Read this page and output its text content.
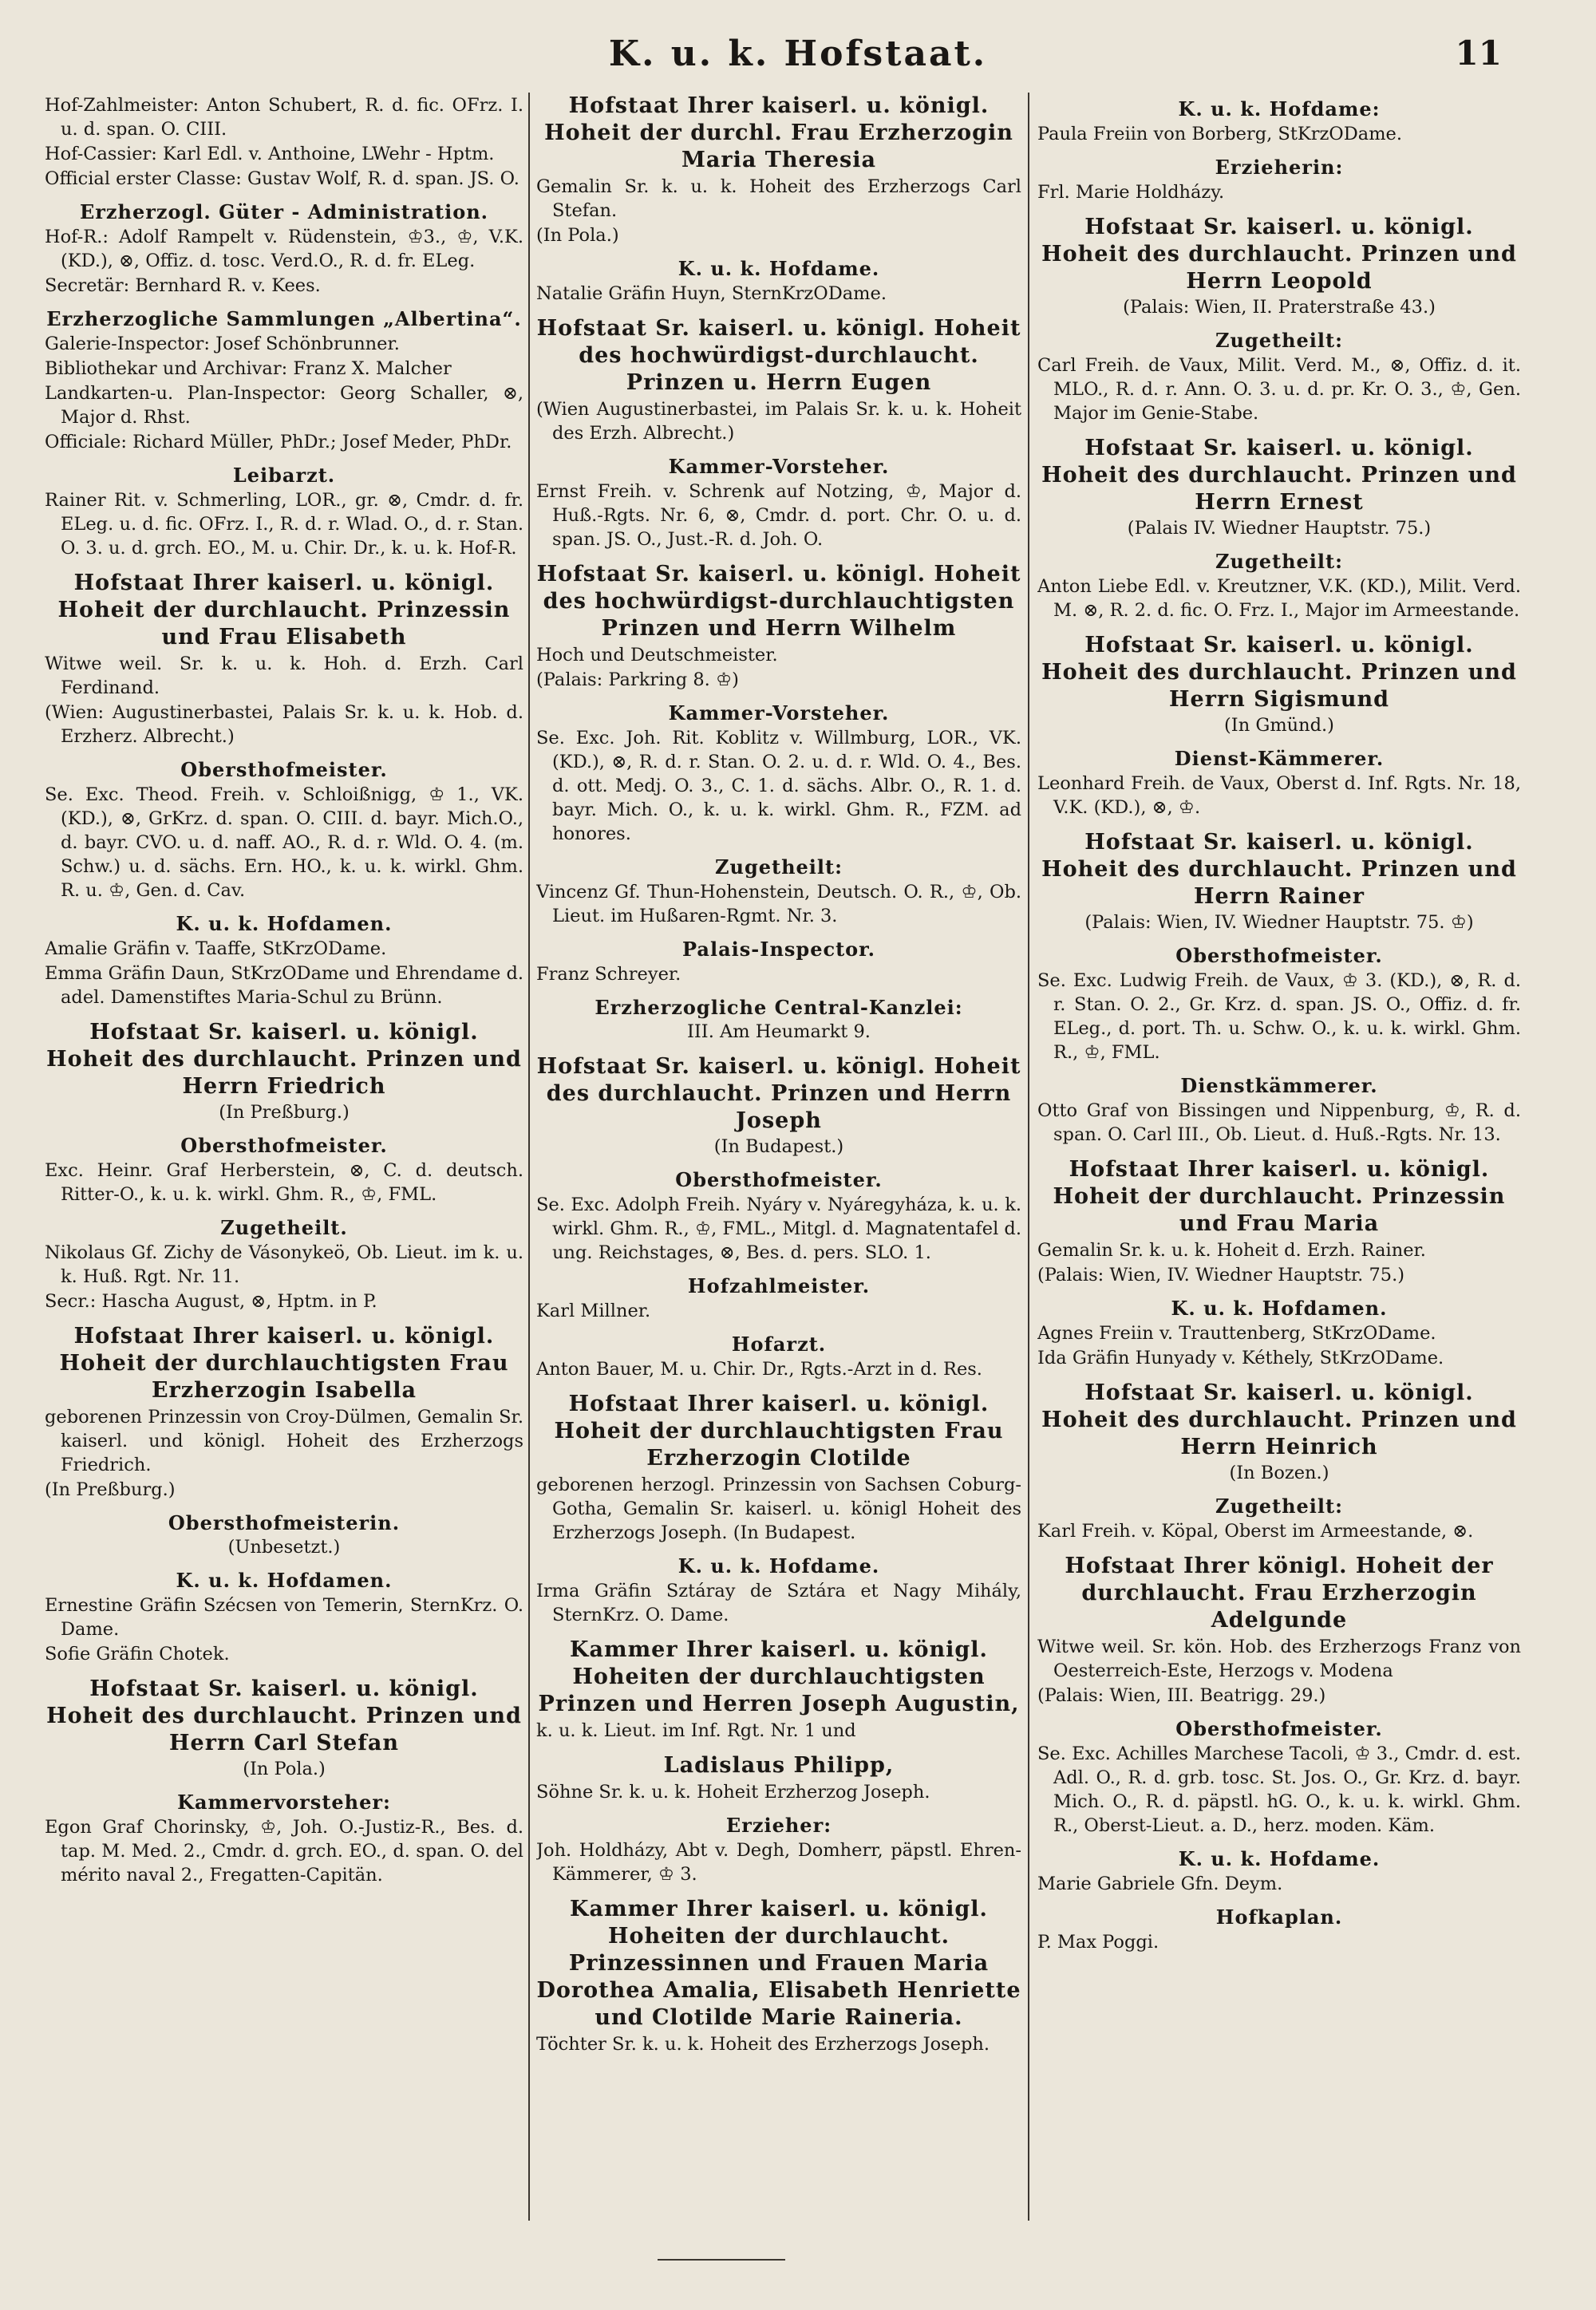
K. u. k. Hofstaat.	11
Hof-Zahlmeister: Anton Schubert, R. d. fic. OFrz. I. u. d. span. O. CIII.
Hof-Cassier: Karl Edl. v. Anthoine, LWehr - Hptm.
Official erster Classe: Gustav Wolf, R. d. span. JS. O.
Erzherzogl. Güter - Administration.
Hof-R.: Adolf Rampelt v. Rüdenstein, ♔3., ♔, V.K. (KD.), ⊗, Offiz. d. tosc. Verd.O., R. d. fr. ELeg.
Secretär: Bernhard R. v. Kees.
Erzherzogliche Sammlungen „Albertina“.
Galerie-Inspector: Josef Schönbrunner.
Bibliothekar und Archivar: Franz X. Malcher
Landkarten-u. Plan-Inspector: Georg Schaller, ⊗, Major d. Rhst.
Officiale: Richard Müller, PhDr.; Josef Meder, PhDr.
Leibarzt.
Rainer Rit. v. Schmerling, LOR., gr. ⊗, Cmdr. d. fr. ELeg. u. d. fic. OFrz. I., R. d. r. Wlad. O., d. r. Stan. O. 3. u. d. grch. EO., M. u. Chir. Dr., k. u. k. Hof-R.
Hofstaat Ihrer kaiserl. u. königl. Hoheit der durchlaucht. Prinzessin und Frau Elisabeth
Witwe weil. Sr. k. u. k. Hoh. d. Erzh. Carl Ferdinand.
(Wien: Augustinerbastei, Palais Sr. k. u. k. Hob. d. Erzherz. Albrecht.)
Obersthofmeister.
Se. Exc. Theod. Freih. v. Schloißnigg, ♔ 1., VK. (KD.), ⊗, GrKrz. d. span. O. CIII. d. bayr. Mich.O., d. bayr. CVO. u. d. naff. AO., R. d. r. Wld. O. 4. (m. Schw.) u. d. sächs. Ern. HO., k. u. k. wirkl. Ghm. R. u. ♔, Gen. d. Cav.
K. u. k. Hofdamen.
Amalie Gräfin v. Taaffe, StKrzODame.
Emma Gräfin Daun, StKrzODame und Ehrendame d. adel. Damenstiftes Maria-Schul zu Brünn.
Hofstaat Sr. kaiserl. u. königl. Hoheit des durchlaucht. Prinzen und Herrn Friedrich
(In Preßburg.)
Obersthofmeister.
Exc. Heinr. Graf Herberstein, ⊗, C. d. deutsch. Ritter-O., k. u. k. wirkl. Ghm. R., ♔, FML.
Zugetheilt.
Nikolaus Gf. Zichy de Vásonykeö, Ob. Lieut. im k. u. k. Huß. Rgt. Nr. 11.
Secr.: Hascha August, ⊗, Hptm. in P.
Hofstaat Ihrer kaiserl. u. königl. Hoheit der durchlauchtigsten Frau Erzherzogin Isabella
geborenen Prinzessin von Croy-Dülmen, Gemalin Sr. kaiserl. und königl. Hoheit des Erzherzogs Friedrich.
(In Preßburg.)
Obersthofmeisterin.
(Unbesetzt.)
K. u. k. Hofdamen.
Ernestine Gräfin Szécsen von Temerin, SternKrz. O. Dame.
Sofie Gräfin Chotek.
Hofstaat Sr. kaiserl. u. königl. Hoheit des durchlaucht. Prinzen und Herrn Carl Stefan
(In Pola.)
Kammervorsteher:
Egon Graf Chorinsky, ♔, Joh. O.-Justiz-R., Bes. d. tap. M. Med. 2., Cmdr. d. grch. EO., d. span. O. del mérito naval 2., Fregatten-Capitän.
Hofstaat Ihrer kaiserl. u. königl. Hoheit der durchl. Frau Erzherzogin Maria Theresia
Gemalin Sr. k. u. k. Hoheit des Erzherzogs Carl Stefan.
(In Pola.)
K. u. k. Hofdame.
Natalie Gräfin Huyn, SternKrzODame.
Hofstaat Sr. kaiserl. u. königl. Hoheit des hochwürdigst-durchlaucht. Prinzen u. Herrn Eugen
(Wien Augustinerbastei, im Palais Sr. k. u. k. Hoheit des Erzh. Albrecht.)
Kammer-Vorsteher.
Ernst Freih. v. Schrenk auf Notzing, ♔, Major d. Huß.-Rgts. Nr. 6, ⊗, Cmdr. d. port. Chr. O. u. d. span. JS. O., Just.-R. d. Joh. O.
Hofstaat Sr. kaiserl. u. königl. Hoheit des hochwürdigst-durchlauchtigsten Prinzen und Herrn Wilhelm
Hoch und Deutschmeister.
(Palais: Parkring 8. ♔)
Kammer-Vorsteher.
Se. Exc. Joh. Rit. Koblitz v. Willmburg, LOR., VK. (KD.), ⊗, R. d. r. Stan. O. 2. u. d. r. Wld. O. 4., Bes. d. ott. Medj. O. 3., C. 1. d. sächs. Albr. O., R. 1. d. bayr. Mich. O., k. u. k. wirkl. Ghm. R., FZM. ad honores.
Zugetheilt:
Vincenz Gf. Thun-Hohenstein, Deutsch. O. R., ♔, Ob. Lieut. im Hußaren-Rgmt. Nr. 3.
Palais-Inspector.
Franz Schreyer.
Erzherzogliche Central-Kanzlei:
III. Am Heumarkt 9.
Hofstaat Sr. kaiserl. u. königl. Hoheit des durchlaucht. Prinzen und Herrn Joseph
(In Budapest.)
Obersthofmeister.
Se. Exc. Adolph Freih. Nyáry v. Nyáregyháza, k. u. k. wirkl. Ghm. R., ♔, FML., Mitgl. d. Magnatentafel d. ung. Reichstages, ⊗, Bes. d. pers. SLO. 1.
Hofzahlmeister.
Karl Millner.
Hofarzt.
Anton Bauer, M. u. Chir. Dr., Rgts.-Arzt in d. Res.
Hofstaat Ihrer kaiserl. u. königl. Hoheit der durchlauchtigsten Frau Erzherzogin Clotilde
geborenen herzogl. Prinzessin von Sachsen Coburg-Gotha, Gemalin Sr. kaiserl. u. königl Hoheit des Erzherzogs Joseph. (In Budapest.
K. u. k. Hofdame.
Irma Gräfin Sztáray de Sztára et Nagy Mihály, SternKrz. O. Dame.
Kammer Ihrer kaiserl. u. königl. Hoheiten der durchlauchtigsten Prinzen und Herren Joseph Augustin,
k. u. k. Lieut. im Inf. Rgt. Nr. 1 und
Ladislaus Philipp,
Söhne Sr. k. u. k. Hoheit Erzherzog Joseph.
Erzieher:
Joh. Holdházy, Abt v. Degh, Domherr, päpstl. Ehren-Kämmerer, ♔ 3.
Kammer Ihrer kaiserl. u. königl. Hoheiten der durchlaucht. Prinzessinnen und Frauen Maria Dorothea Amalia, Elisabeth Henriette und Clotilde Marie Raineria.
Töchter Sr. k. u. k. Hoheit des Erzherzogs Joseph.
K. u. k. Hofdame:
Paula Freiin von Borberg, StKrzODame.
Erzieherin:
Frl. Marie Holdházy.
Hofstaat Sr. kaiserl. u. königl. Hoheit des durchlaucht. Prinzen und Herrn Leopold
(Palais: Wien, II. Praterstraße 43.)
Zugetheilt:
Carl Freih. de Vaux, Milit. Verd. M., ⊗, Offiz. d. it. MLO., R. d. r. Ann. O. 3. u. d. pr. Kr. O. 3., ♔, Gen. Major im Genie-Stabe.
Hofstaat Sr. kaiserl. u. königl. Hoheit des durchlaucht. Prinzen und Herrn Ernest
(Palais IV. Wiedner Hauptstr. 75.)
Zugetheilt:
Anton Liebe Edl. v. Kreutzner, V.K. (KD.), Milit. Verd. M. ⊗, R. 2. d. fic. O. Frz. I., Major im Armeestande.
Hofstaat Sr. kaiserl. u. königl. Hoheit des durchlaucht. Prinzen und Herrn Sigismund
(In Gmünd.)
Dienst-Kämmerer.
Leonhard Freih. de Vaux, Oberst d. Inf. Rgts. Nr. 18, V.K. (KD.), ⊗, ♔.
Hofstaat Sr. kaiserl. u. königl. Hoheit des durchlaucht. Prinzen und Herrn Rainer
(Palais: Wien, IV. Wiedner Hauptstr. 75. ♔)
Obersthofmeister.
Se. Exc. Ludwig Freih. de Vaux, ♔ 3. (KD.), ⊗, R. d. r. Stan. O. 2., Gr. Krz. d. span. JS. O., Offiz. d. fr. ELeg., d. port. Th. u. Schw. O., k. u. k. wirkl. Ghm. R., ♔, FML.
Dienstkämmerer.
Otto Graf von Bissingen und Nippenburg, ♔, R. d. span. O. Carl III., Ob. Lieut. d. Huß.-Rgts. Nr. 13.
Hofstaat Ihrer kaiserl. u. königl. Hoheit der durchlaucht. Prinzessin und Frau Maria
Gemalin Sr. k. u. k. Hoheit d. Erzh. Rainer.
(Palais: Wien, IV. Wiedner Hauptstr. 75.)
K. u. k. Hofdamen.
Agnes Freiin v. Trauttenberg, StKrzODame.
Ida Gräfin Hunyady v. Kéthely, StKrzODame.
Hofstaat Sr. kaiserl. u. königl. Hoheit des durchlaucht. Prinzen und Herrn Heinrich
(In Bozen.)
Zugetheilt:
Karl Freih. v. Köpal, Oberst im Armeestande, ⊗.
Hofstaat Ihrer königl. Hoheit der durchlaucht. Frau Erzherzogin Adelgunde
Witwe weil. Sr. kön. Hob. des Erzherzogs Franz von Oesterreich-Este, Herzogs v. Modena
(Palais: Wien, III. Beatrigg. 29.)
Obersthofmeister.
Se. Exc. Achilles Marchese Tacoli, ♔ 3., Cmdr. d. est. Adl. O., R. d. grb. tosc. St. Jos. O., Gr. Krz. d. bayr. Mich. O., R. d. päpstl. hG. O., k. u. k. wirkl. Ghm. R., Oberst-Lieut. a. D., herz. moden. Käm.
K. u. k. Hofdame.
Marie Gabriele Gfn. Deym.
Hofkaplan.
P. Max Poggi.
